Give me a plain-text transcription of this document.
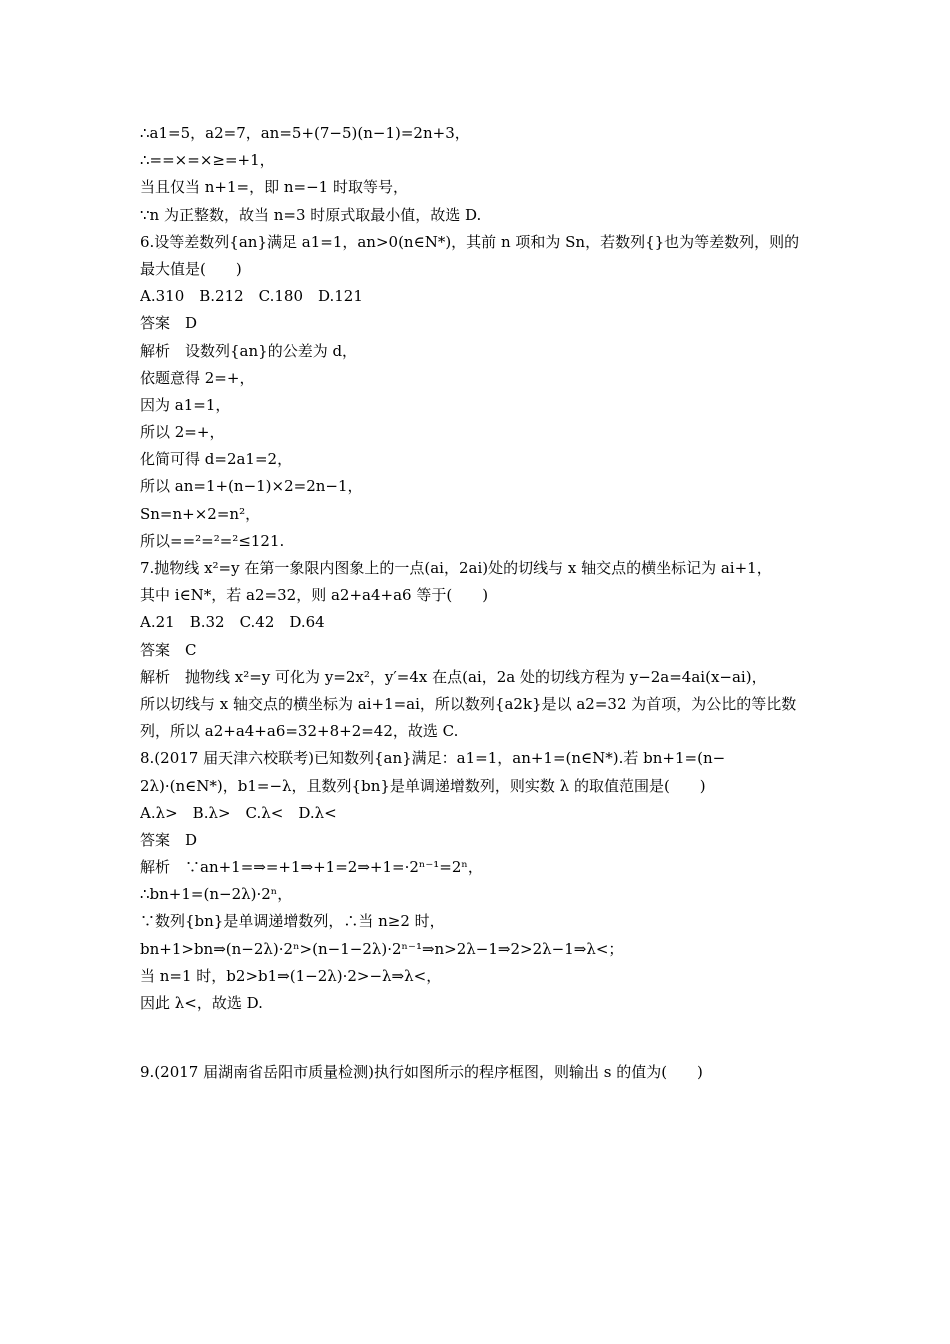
∴a1=5，a2=7，an=5+(7−5)(n−1)=2n+3，
∴==×=×≥=+1，
当且仅当 n+1=，即 n=−1 时取等号，
∵n 为正整数，故当 n=3 时原式取最小值，故选 D.
6.设等差数列{an}满足 a1=1，an>0(n∈N*)，其前 n 项和为 Sn，若数列{}也为等差数列，则的
最大值是(　　)
A.310　B.212　C.180　D.121
答案　D
解析　设数列{an}的公差为 d，
依题意得 2=+，
因为 a1=1，
所以 2=+，
化简可得 d=2a1=2，
所以 an=1+(n−1)×2=2n−1，
Sn=n+×2=n²，
所以==²=²=²≤121.
7.抛物线 x²=y 在第一象限内图象上的一点(ai，2ai)处的切线与 x 轴交点的横坐标记为 ai+1，
其中 i∈N*，若 a2=32，则 a2+a4+a6 等于(　　)
A.21　B.32　C.42　D.64
答案　C
解析　抛物线 x²=y 可化为 y=2x²，y′=4x 在点(ai，2a 处的切线方程为 y−2a=4ai(x−ai)，
所以切线与 x 轴交点的横坐标为 ai+1=ai，所以数列{a2k}是以 a2=32 为首项，为公比的等比数
列，所以 a2+a4+a6=32+8+2=42，故选 C.
8.(2017 届天津六校联考)已知数列{an}满足：a1=1，an+1=(n∈N*).若 bn+1=(n−
2λ)·(n∈N*)，b1=−λ，且数列{bn}是单调递增数列，则实数 λ 的取值范围是(　　)
A.λ>　B.λ>　C.λ<　D.λ<
答案　D
解析　∵an+1=⇒=+1⇒+1=2⇒+1=·2ⁿ⁻¹=2ⁿ，
∴bn+1=(n−2λ)·2ⁿ，
∵数列{bn}是单调递增数列，∴当 n≥2 时，
bn+1>bn⇒(n−2λ)·2ⁿ>(n−1−2λ)·2ⁿ⁻¹⇒n>2λ−1⇒2>2λ−1⇒λ<；
当 n=1 时，b2>b1⇒(1−2λ)·2>−λ⇒λ<，
因此 λ<，故选 D.
9.(2017 届湖南省岳阳市质量检测)执行如图所示的程序框图，则输出 s 的值为(　　)
